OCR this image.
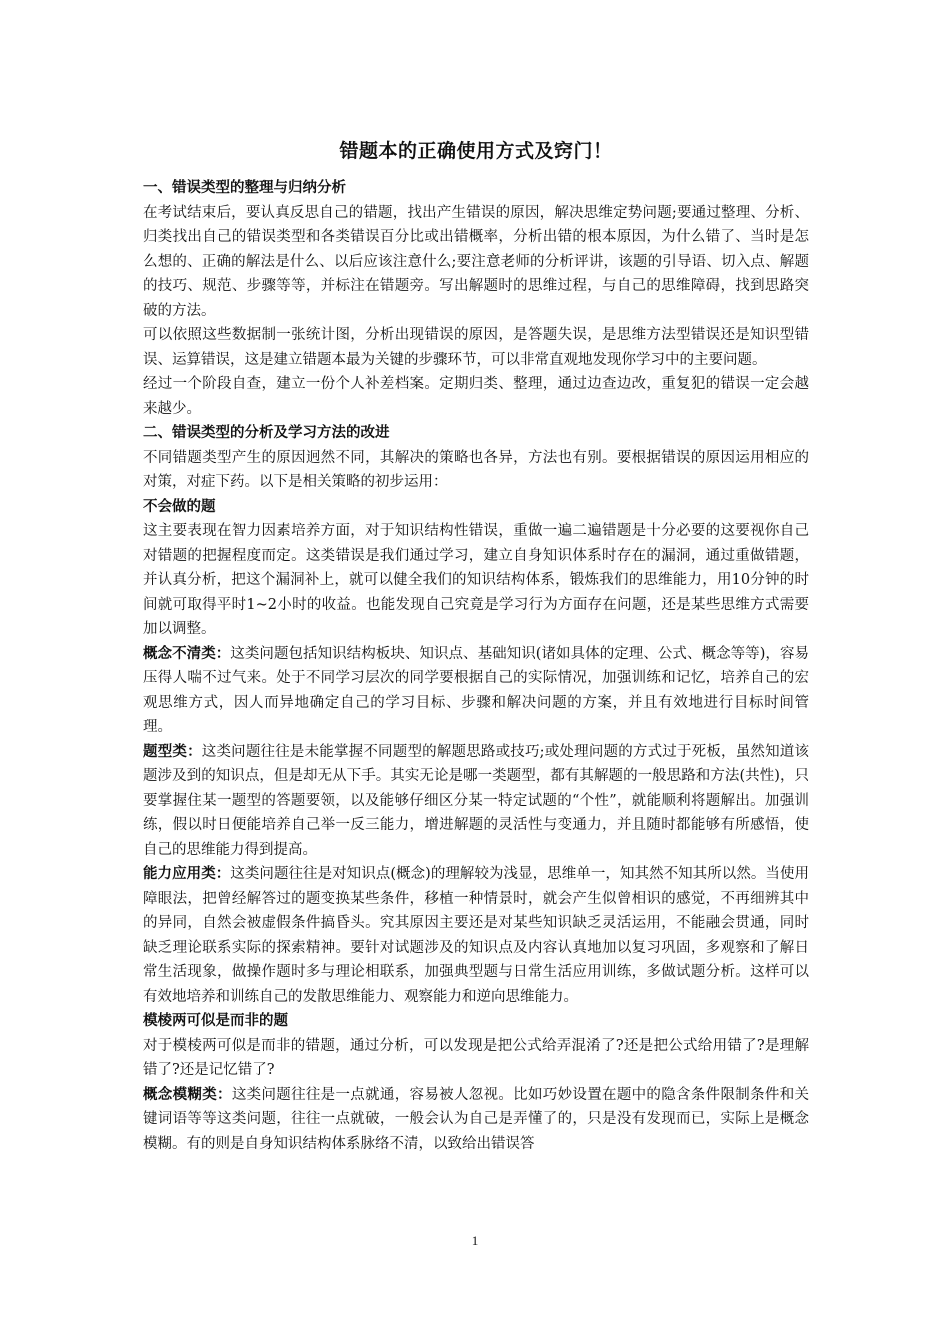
错题本的正确使用方式及窍门！
一、错误类型的整理与归纳分析
在考试结束后，要认真反思自己的错题，找出产生错误的原因，解决思维定势问题;要通过整理、分析、归类找出自己的错误类型和各类错误百分比或出错概率，分析出错的根本原因，为什么错了、当时是怎么想的、正确的解法是什么、以后应该注意什么;要注意老师的分析评讲，该题的引导语、切入点、解题的技巧、规范、步骤等等，并标注在错题旁。写出解题时的思维过程，与自己的思维障碍，找到思路突破的方法。
可以依照这些数据制一张统计图，分析出现错误的原因，是答题失误，是思维方法型错误还是知识型错误、运算错误，这是建立错题本最为关键的步骤环节，可以非常直观地发现你学习中的主要问题。
经过一个阶段自查，建立一份个人补差档案。定期归类、整理，通过边查边改，重复犯的错误一定会越来越少。
二、错误类型的分析及学习方法的改进
不同错题类型产生的原因迥然不同，其解决的策略也各异，方法也有别。要根据错误的原因运用相应的对策，对症下药。以下是相关策略的初步运用：
不会做的题
这主要表现在智力因素培养方面，对于知识结构性错误，重做一遍二遍错题是十分必要的这要视你自己对错题的把握程度而定。这类错误是我们通过学习，建立自身知识体系时存在的漏洞，通过重做错题，并认真分析，把这个漏洞补上，就可以健全我们的知识结构体系，锻炼我们的思维能力，用10分钟的时间就可取得平时1~2小时的收益。也能发现自己究竟是学习行为方面存在问题，还是某些思维方式需要加以调整。
概念不清类：这类问题包括知识结构板块、知识点、基础知识(诸如具体的定理、公式、概念等等)，容易压得人喘不过气来。处于不同学习层次的同学要根据自己的实际情况，加强训练和记忆，培养自己的宏观思维方式，因人而异地确定自己的学习目标、步骤和解决问题的方案，并且有效地进行目标时间管理。
题型类：这类问题往往是未能掌握不同题型的解题思路或技巧;或处理问题的方式过于死板，虽然知道该题涉及到的知识点，但是却无从下手。其实无论是哪一类题型，都有其解题的一般思路和方法(共性)，只要掌握住某一题型的答题要领，以及能够仔细区分某一特定试题的“个性”，就能顺利将题解出。加强训练，假以时日便能培养自己举一反三能力，增进解题的灵活性与变通力，并且随时都能够有所感悟，使自己的思维能力得到提高。
能力应用类：这类问题往往是对知识点(概念)的理解较为浅显，思维单一，知其然不知其所以然。当使用障眼法，把曾经解答过的题变换某些条件，移植一种情景时，就会产生似曾相识的感觉，不再细辨其中的异同，自然会被虚假条件搞昏头。究其原因主要还是对某些知识缺乏灵活运用，不能融会贯通，同时缺乏理论联系实际的探索精神。要针对试题涉及的知识点及内容认真地加以复习巩固，多观察和了解日常生活现象，做操作题时多与理论相联系，加强典型题与日常生活应用训练，多做试题分析。这样可以有效地培养和训练自己的发散思维能力、观察能力和逆向思维能力。
模棱两可似是而非的题
对于模棱两可似是而非的错题，通过分析，可以发现是把公式给弄混淆了?还是把公式给用错了?是理解错了?还是记忆错了?
概念模糊类：这类问题往往是一点就通，容易被人忽视。比如巧妙设置在题中的隐含条件限制条件和关键词语等等这类问题，往往一点就破，一般会认为自己是弄懂了的，只是没有发现而已，实际上是概念模糊。有的则是自身知识结构体系脉络不清，以致给出错误答
1
